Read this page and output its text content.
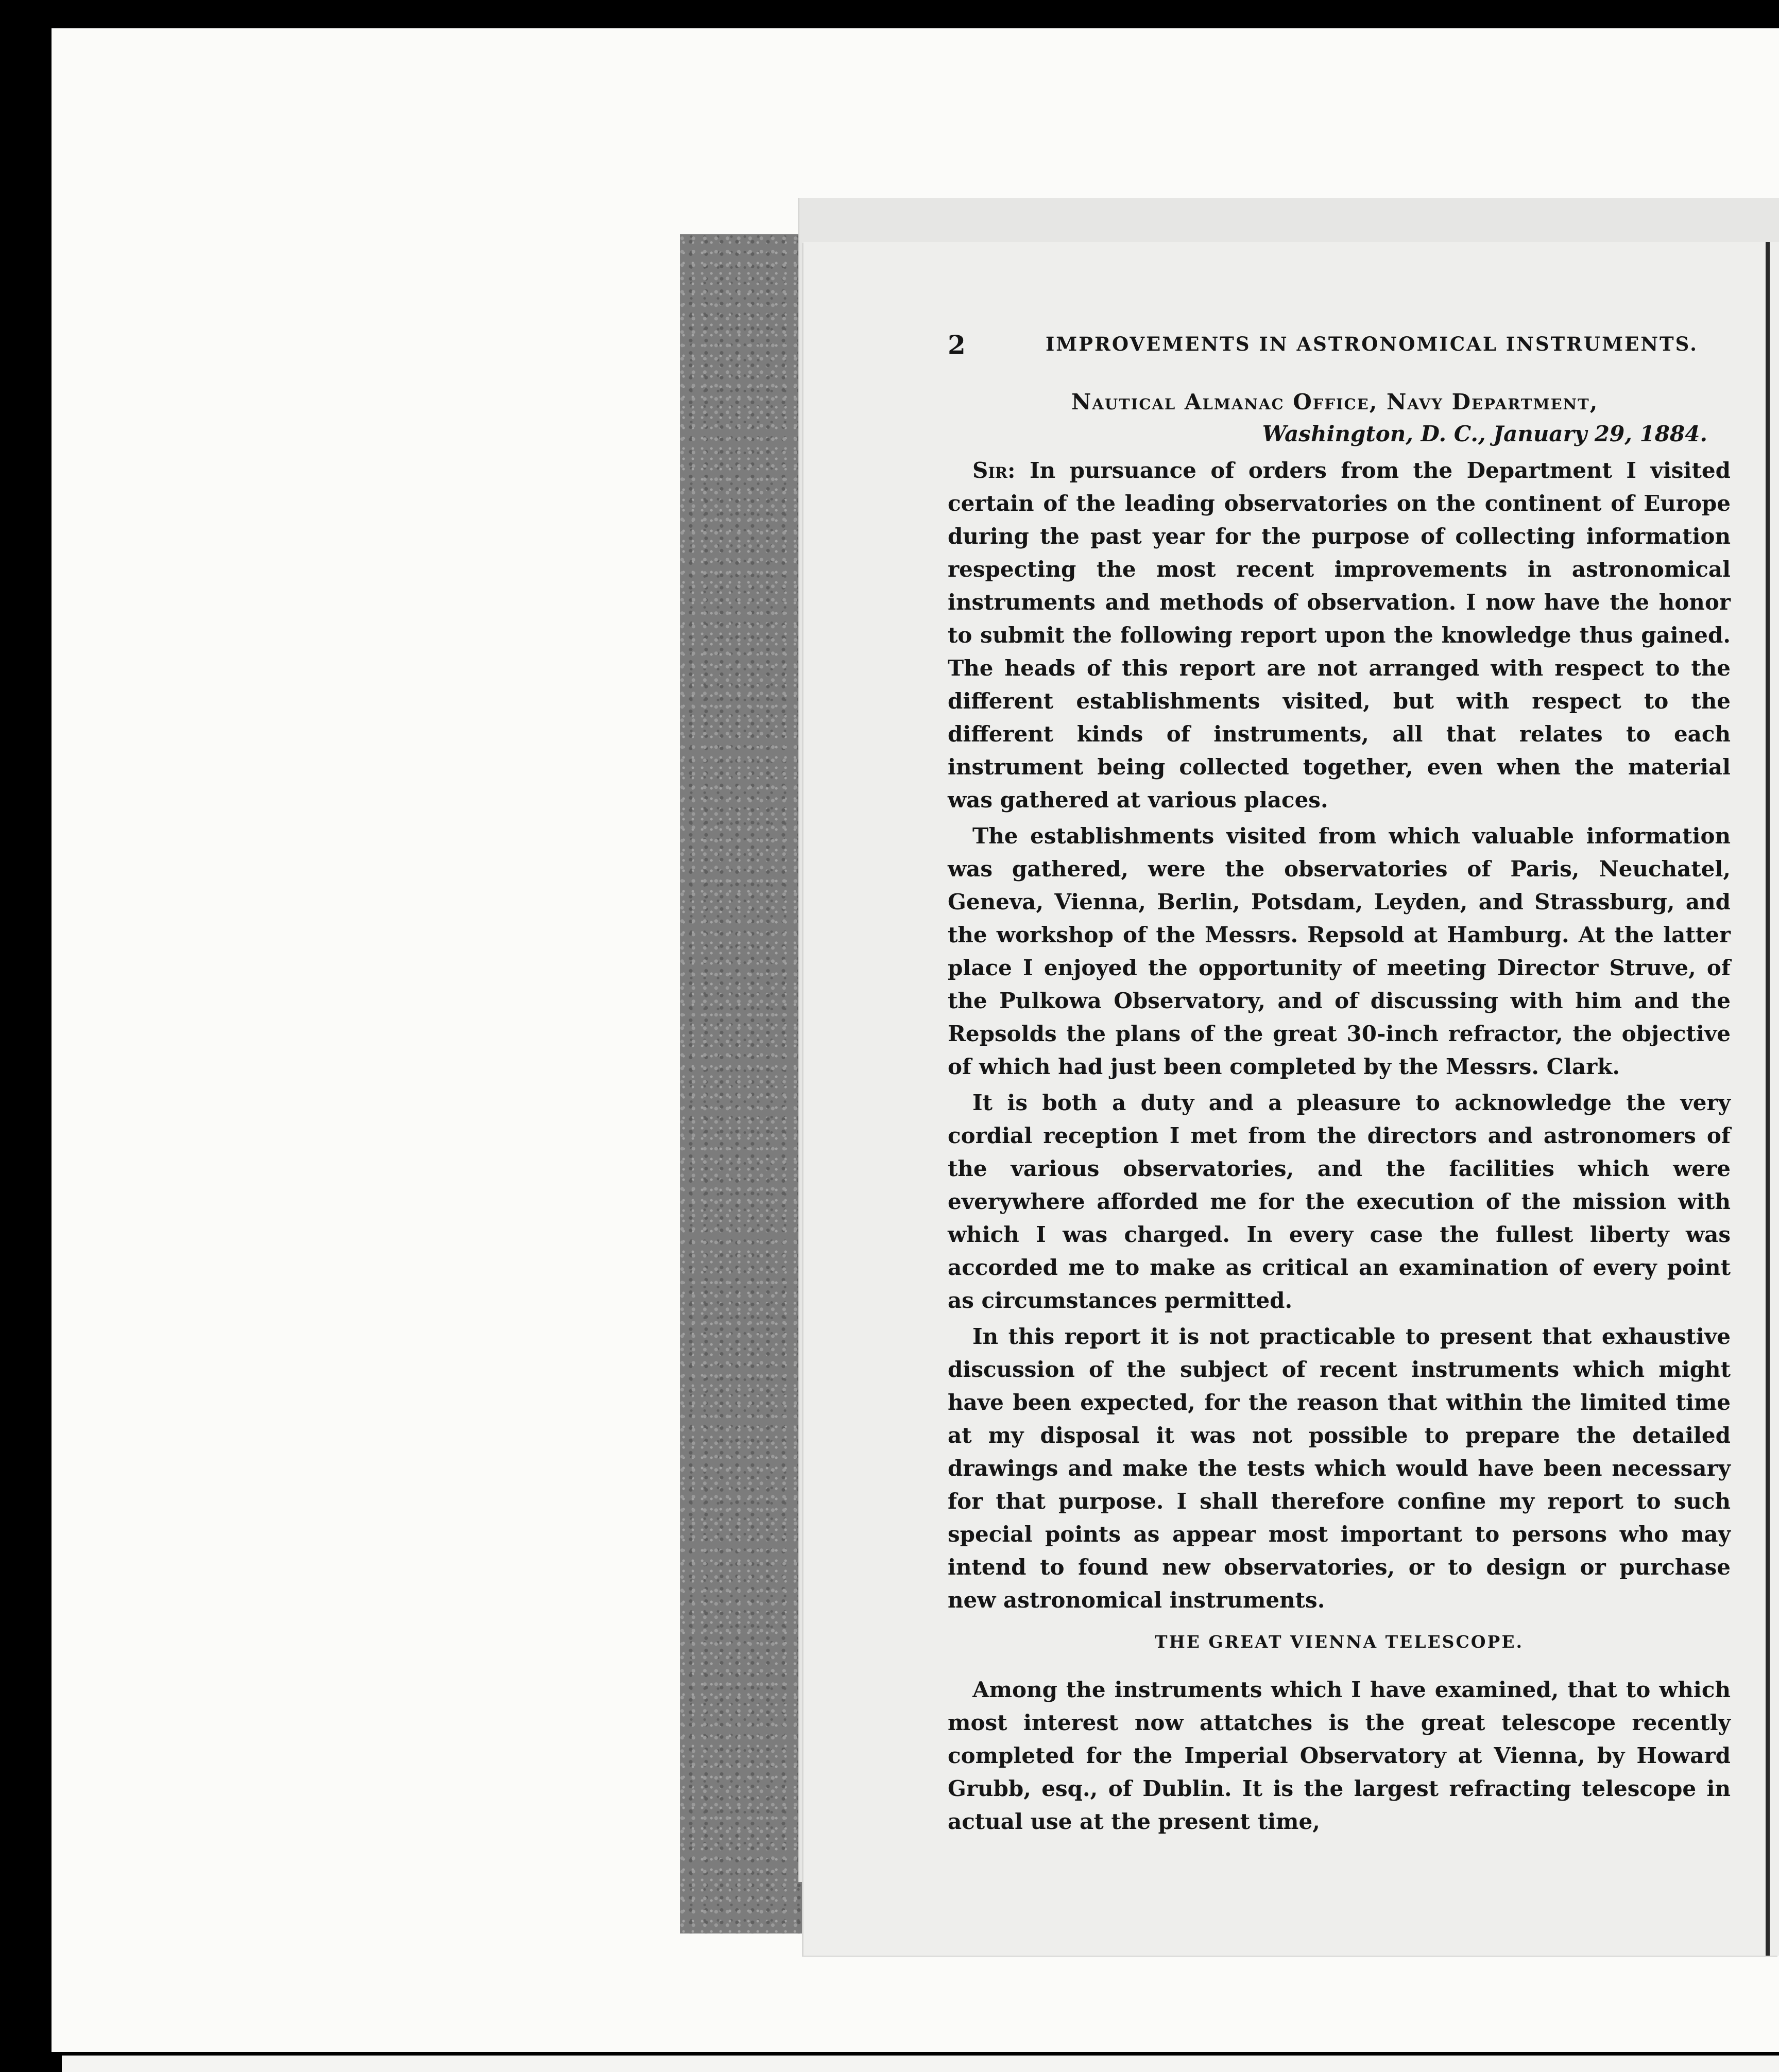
2	IMPROVEMENTS IN ASTRONOMICAL INSTRUMENTS.
Nautical Almanac Office, Navy Department,
Washington, D. C., January 29, 1884.

Sir: In pursuance of orders from the Department I visited certain of the leading observatories on the continent of Europe during the past year for the purpose of collecting information respecting the most recent improvements in astronomical instruments and methods of observation. I now have the honor to submit the following report upon the knowledge thus gained. The heads of this report are not arranged with respect to the different establishments visited, but with respect to the different kinds of instruments, all that relates to each instrument being collected together, even when the material was gathered at various places.

The establishments visited from which valuable information was gathered, were the observatories of Paris, Neuchatel, Geneva, Vienna, Berlin, Potsdam, Leyden, and Strassburg, and the workshop of the Messrs. Repsold at Hamburg. At the latter place I enjoyed the opportunity of meeting Director Struve, of the Pulkowa Observatory, and of discussing with him and the Repsolds the plans of the great 30-inch refractor, the objective of which had just been completed by the Messrs. Clark.

It is both a duty and a pleasure to acknowledge the very cordial reception I met from the directors and astronomers of the various observatories, and the facilities which were everywhere afforded me for the execution of the mission with which I was charged. In every case the fullest liberty was accorded me to make as critical an examination of every point as circumstances permitted.

In this report it is not practicable to present that exhaustive discussion of the subject of recent instruments which might have been expected, for the reason that within the limited time at my disposal it was not possible to prepare the detailed drawings and make the tests which would have been necessary for that purpose. I shall therefore confine my report to such special points as appear most important to persons who may intend to found new observatories, or to design or purchase new astronomical instruments.

THE GREAT VIENNA TELESCOPE.

Among the instruments which I have examined, that to which most interest now attatches is the great telescope recently completed for the Imperial Observatory at Vienna, by Howard Grubb, esq., of Dublin. It is the largest refracting telescope in actual use at the present time,
